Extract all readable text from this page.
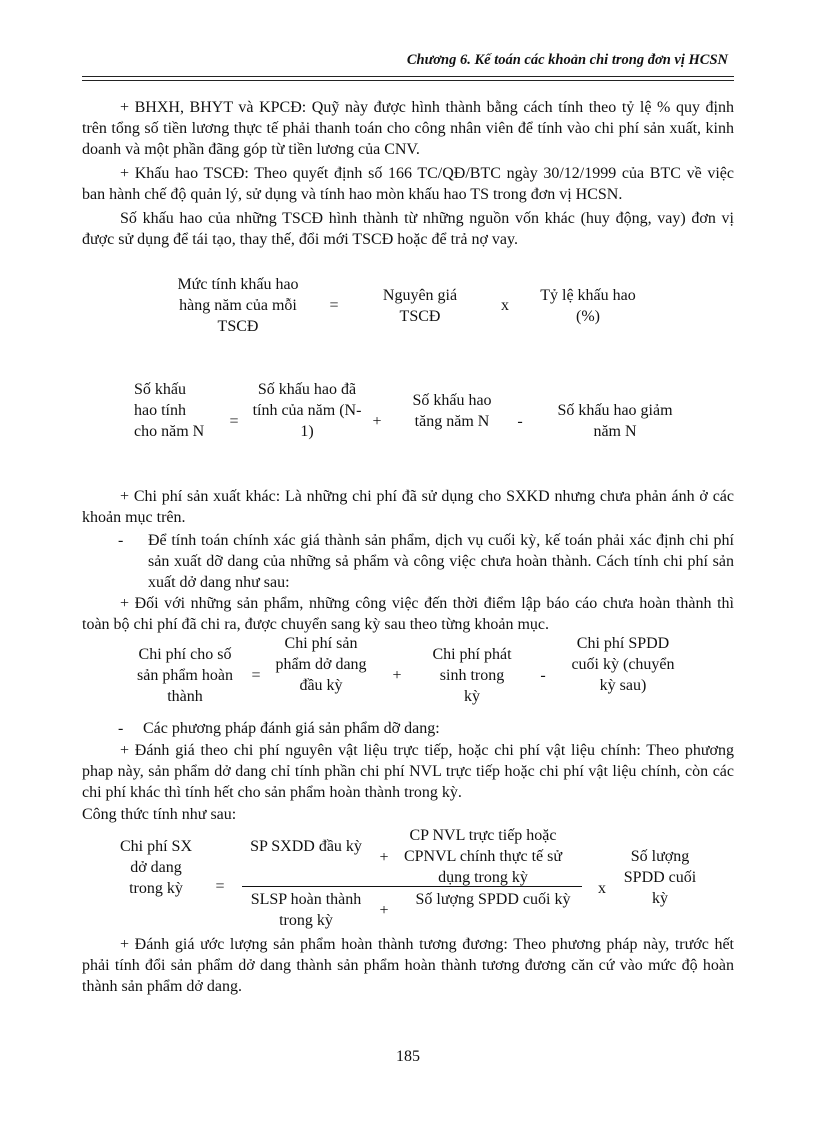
Chương 6. Kế toán các khoản chi trong đơn vị HCSN
+ BHXH, BHYT và KPCĐ: Quỹ này được hình thành bằng cách tính theo tỷ lệ % quy định trên tổng số tiền lương thực tế phải thanh toán cho công nhân viên để tính vào chi phí sản xuất, kinh doanh và một phần đãng góp từ tiền lương của CNV.
+ Khấu hao TSCĐ: Theo quyết định số 166 TC/QĐ/BTC ngày 30/12/1999 của BTC về việc ban hành chế độ quản lý, sử dụng và tính hao mòn khấu hao TS trong đơn vị HCSN.
Số khấu hao của những TSCĐ hình thành từ những nguồn vốn khác (huy động, vay) đơn vị được sử dụng để tái tạo, thay thế, đổi mới TSCĐ hoặc để trả nợ vay.
Mức tính khấu hao hàng năm của mỗi TSCĐ
=
Nguyên giá TSCĐ
x
Tỷ lệ khấu hao (%)
Số khấu hao tính cho năm N
=
Số khấu hao đã tính của năm (N-1)
+
Số khấu hao tăng năm N	-
Số khấu hao giảm năm N
+ Chi phí sản xuất khác: Là những chi phí đã sử dụng cho SXKD nhưng chưa phản ánh ở các khoản mục trên.
- Để tính toán chính xác giá thành sản phẩm, dịch vụ cuối kỳ, kế toán phải xác định chi phí sản xuất dỡ dang của những sả phẩm và công việc chưa hoàn thành. Cách tính chi phí sản xuất dở dang như sau:
+ Đối với những sản phẩm, những công việc đến thời điểm lập báo cáo chưa hoàn thành thì toàn bộ chi phí đã chi ra, được chuyển sang kỳ sau theo từng khoản mục.
Chi phí cho số sản phẩm hoàn thành
=
Chi phí sản phẩm dở dang đầu kỳ
+
Chi phí phát sinh trong kỳ
-
Chi phí SPDD cuối kỳ (chuyển kỳ sau)
- Các phương pháp đánh giá sản phẩm dỡ dang:
+ Đánh giá theo chi phí nguyên vật liệu trực tiếp, hoặc chi phí vật liệu chính: Theo phương phap này, sản phẩm dở dang chỉ tính phần chi phí NVL trực tiếp hoặc chi phí vật liệu chính, còn các chi phí khác thì tính hết cho sản phẩm hoàn thành trong kỳ.
Công thức tính như sau:
Chi phí SX dở dang trong kỳ	=
SP SXDD đầu kỳ
+
CP NVL trực tiếp hoặc CPNVL chính thực tế sử dụng trong kỳ
SLSP hoàn thành trong kỳ
+
Số lượng SPDD cuối kỳ
x
Số lượng SPDD cuối kỳ
+ Đánh giá ước lượng sản phẩm hoàn thành tương đương: Theo phương pháp này, trước hết phải tính đổi sản phẩm dở dang thành sản phẩm hoàn thành tương đương căn cứ vào mức độ hoàn thành sản phẩm dở dang.
185
